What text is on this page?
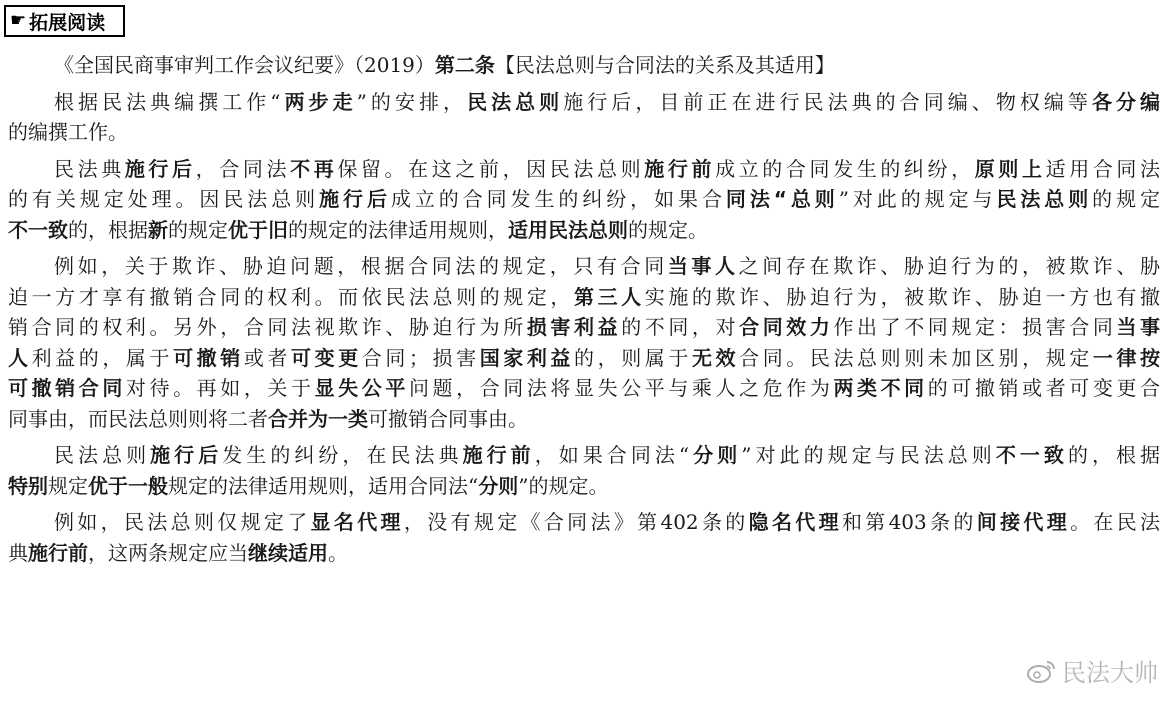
☛ 拓展阅读
《全国民商事审判工作会议纪要》（2019）第二条【民法总则与合同法的关系及其适用】
根据民法典编撰工作“两步走”的安排，民法总则施行后，目前正在进行民法典的合同编、物权编等各分编
的编撰工作。
民法典施行后，合同法不再保留。在这之前，因民法总则施行前成立的合同发生的纠纷，原则上适用合同法
的有关规定处理。因民法总则施行后成立的合同发生的纠纷，如果合同法“总则”对此的规定与民法总则的规定
不一致的，根据新的规定优于旧的规定的法律适用规则，适用民法总则的规定。
例如，关于欺诈、胁迫问题，根据合同法的规定，只有合同当事人之间存在欺诈、胁迫行为的，被欺诈、胁
迫一方才享有撤销合同的权利。而依民法总则的规定，第三人实施的欺诈、胁迫行为，被欺诈、胁迫一方也有撤
销合同的权利。另外，合同法视欺诈、胁迫行为所损害利益的不同，对合同效力作出了不同规定：损害合同当事
人利益的，属于可撤销或者可变更合同；损害国家利益的，则属于无效合同。民法总则则未加区别，规定一律按
可撤销合同对待。再如，关于显失公平问题，合同法将显失公平与乘人之危作为两类不同的可撤销或者可变更合
同事由，而民法总则则将二者合并为一类可撤销合同事由。
民法总则施行后发生的纠纷，在民法典施行前，如果合同法“分则”对此的规定与民法总则不一致的，根据
特别规定优于一般规定的法律适用规则，适用合同法“分则”的规定。
例如，民法总则仅规定了显名代理，没有规定《合同法》第402条的隐名代理和第403条的间接代理。在民法
典施行前，这两条规定应当继续适用。
民法大帅
